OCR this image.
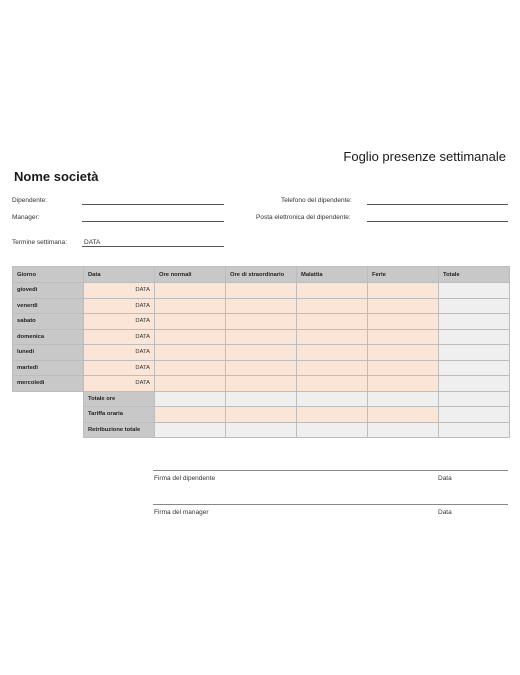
Foglio presenze settimanale
Nome società
Dipendente:	Telefono del dipendente:
Manager:	Posta elettronica del dipendente:
Termine settimana:	DATA
Giorno	Data	Ore normali	Ore di straordinario	Malattia	Ferie	Totale
giovedì	DATA					
venerdì	DATA					
sabato	DATA					
domenica	DATA					
lunedì	DATA					
martedì	DATA					
mercoledì	DATA					
	Totale ore					
	Tariffa oraria					
	Retribuzione totale					
Firma del dipendente	Data
Firma del manager	Data
